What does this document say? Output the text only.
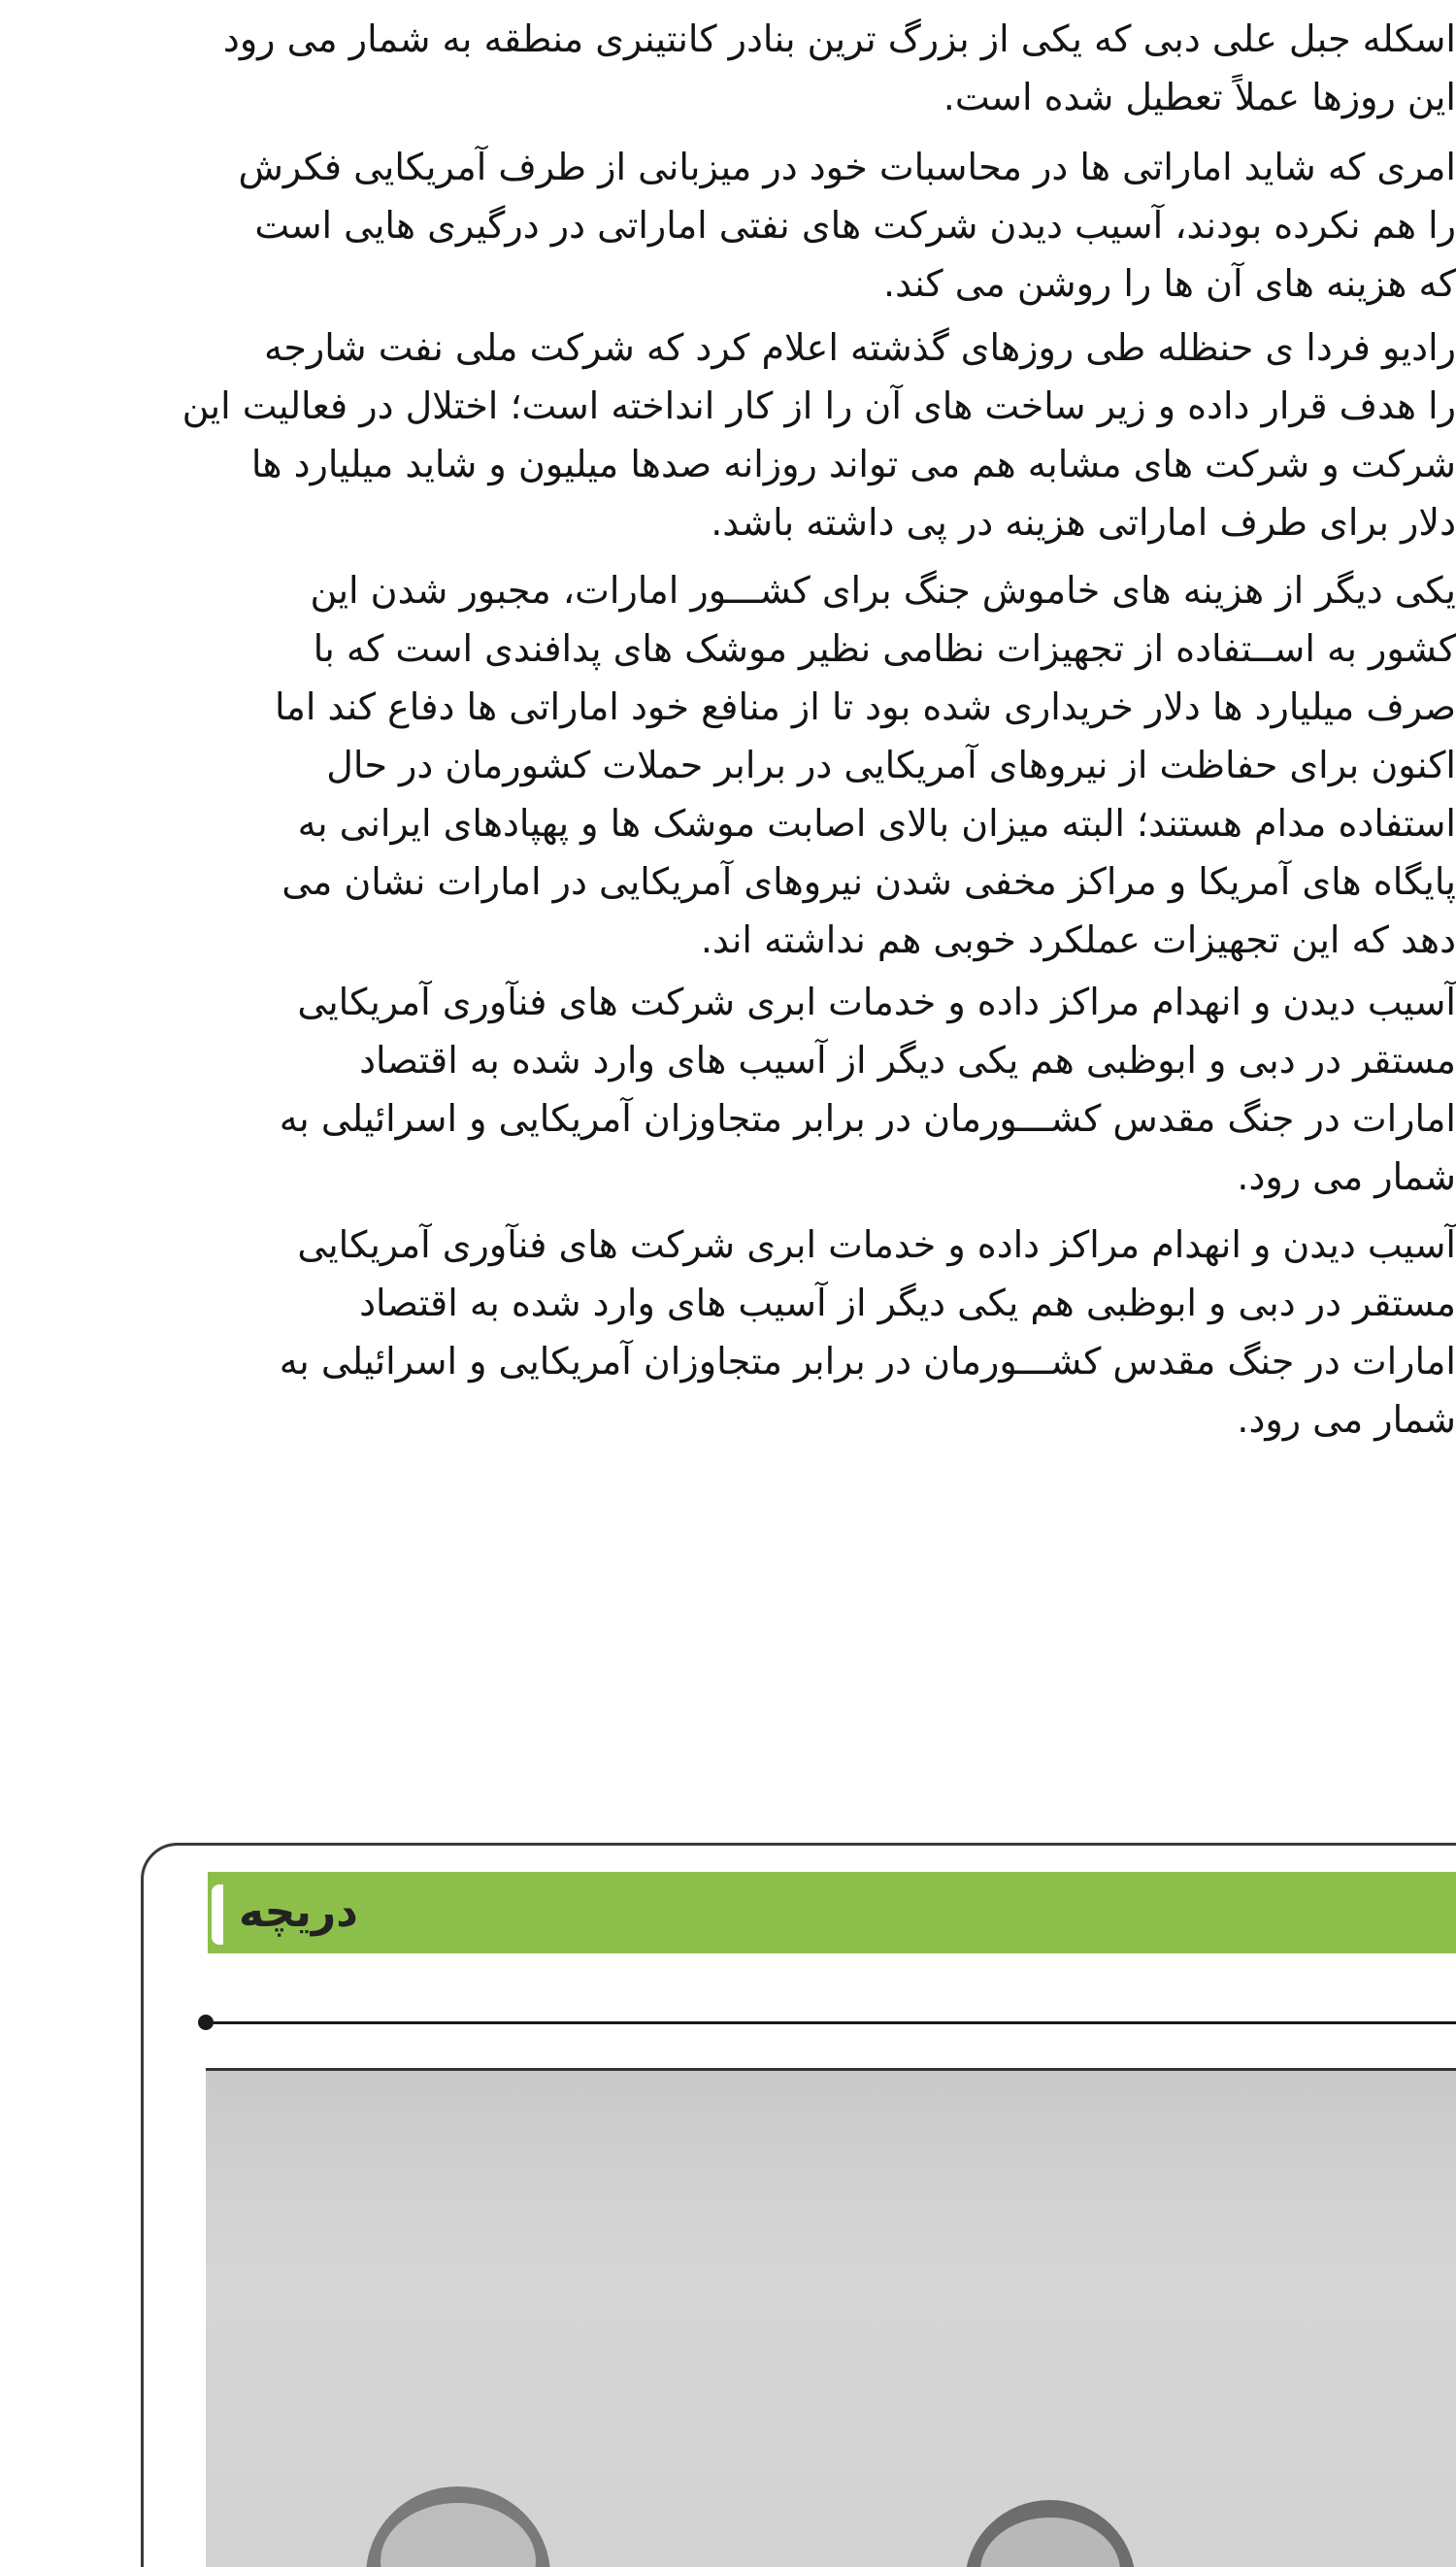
اسکله جبل علی دبی که یکی از بزرگ ترین بنادر کانتینری منطقه به شمار می رود
این روزها عملاً تعطیل شده است.
امری که شاید اماراتی ها در محاسبات خود در میزبانی از طرف آمریکایی فکرش
را هم نکرده بودند، آسیب دیدن شرکت های نفتی اماراتی در درگیری هایی است
که هزینه های آن ها را روشن می کند.
رادیو فردا ی حنظله طی روزهای گذشته اعلام کرد که شرکت ملی نفت شارجه
را هدف قرار داده و زیر ساخت های آن را از کار انداخته است؛ اختلال در فعالیت این
شرکت و شرکت های مشابه هم می تواند روزانه صدها میلیون و شاید میلیارد ها
دلار برای طرف اماراتی هزینه در پی داشته باشد.
یکی دیگر از هزینه های خاموش جنگ برای کشـــور امارات، مجبور شدن این
کشور به اســتفاده از تجهیزات نظامی نظیر موشک های پدافندی است که با
صرف میلیارد ها دلار خریداری شده بود تا از منافع خود اماراتی ها دفاع کند اما
اکنون برای حفاظت از نیروهای آمریکایی در برابر حملات کشورمان در حال
استفاده مدام هستند؛ البته میزان بالای اصابت موشک ها و پهپادهای ایرانی به
پایگاه های آمریکا و مراکز مخفی شدن نیروهای آمریکایی در امارات نشان می
دهد که این تجهیزات عملکرد خوبی هم نداشته اند.
آسیب دیدن و انهدام مراکز داده و خدمات ابری شرکت های فنآوری آمریکایی
مستقر در دبی و ابوظبی هم یکی دیگر از آسیب های وارد شده به اقتصاد
امارات در جنگ مقدس کشـــورمان در برابر متجاوزان آمریکایی و اسرائیلی به
شمار می رود.
آسیب دیدن و انهدام مراکز داده و خدمات ابری شرکت های فنآوری آمریکایی
مستقر در دبی و ابوظبی هم یکی دیگر از آسیب های وارد شده به اقتصاد
امارات در جنگ مقدس کشـــورمان در برابر متجاوزان آمریکایی و اسرائیلی به
شمار می رود.
دریچه
